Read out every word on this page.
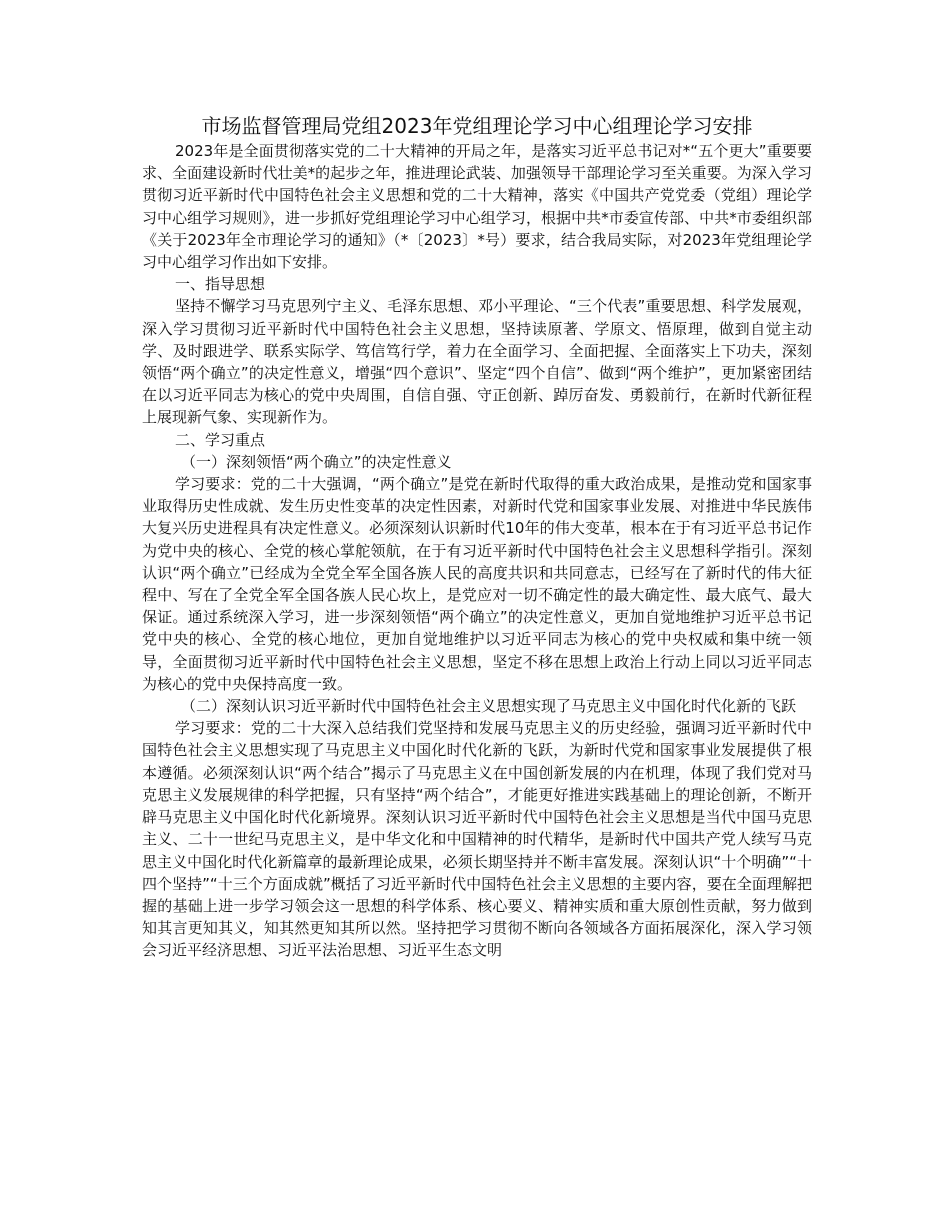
市场监督管理局党组2023年党组理论学习中心组理论学习安排

2023年是全面贯彻落实党的二十大精神的开局之年，是落实习近平总书记对*“五个更大”重要要求、全面建设新时代壮美*的起步之年，推进理论武装、加强领导干部理论学习至关重要。为深入学习贯彻习近平新时代中国特色社会主义思想和党的二十大精神，落实《中国共产党党委（党组）理论学习中心组学习规则》，进一步抓好党组理论学习中心组学习，根据中共*市委宣传部、中共*市委组织部《关于2023年全市理论学习的通知》（*〔2023〕*号）要求，结合我局实际，对2023年党组理论学习中心组学习作出如下安排。

一、指导思想

坚持不懈学习马克思列宁主义、毛泽东思想、邓小平理论、“三个代表”重要思想、科学发展观，深入学习贯彻习近平新时代中国特色社会主义思想，坚持读原著、学原文、悟原理，做到自觉主动学、及时跟进学、联系实际学、笃信笃行学，着力在全面学习、全面把握、全面落实上下功夫，深刻领悟“两个确立”的决定性意义，增强“四个意识”、坚定“四个自信”、做到“两个维护”，更加紧密团结在以习近平同志为核心的党中央周围，自信自强、守正创新、踔厉奋发、勇毅前行，在新时代新征程上展现新气象、实现新作为。

二、学习重点

（一）深刻领悟“两个确立”的决定性意义

学习要求：党的二十大强调，“两个确立”是党在新时代取得的重大政治成果，是推动党和国家事业取得历史性成就、发生历史性变革的决定性因素，对新时代党和国家事业发展、对推进中华民族伟大复兴历史进程具有决定性意义。必须深刻认识新时代10年的伟大变革，根本在于有习近平总书记作为党中央的核心、全党的核心掌舵领航，在于有习近平新时代中国特色社会主义思想科学指引。深刻认识“两个确立”已经成为全党全军全国各族人民的高度共识和共同意志，已经写在了新时代的伟大征程中、写在了全党全军全国各族人民心坎上，是党应对一切不确定性的最大确定性、最大底气、最大保证。通过系统深入学习，进一步深刻领悟“两个确立”的决定性意义，更加自觉地维护习近平总书记党中央的核心、全党的核心地位，更加自觉地维护以习近平同志为核心的党中央权威和集中统一领导，全面贯彻习近平新时代中国特色社会主义思想，坚定不移在思想上政治上行动上同以习近平同志为核心的党中央保持高度一致。

（二）深刻认识习近平新时代中国特色社会主义思想实现了马克思主义中国化时代化新的飞跃

学习要求：党的二十大深入总结我们党坚持和发展马克思主义的历史经验，强调习近平新时代中国特色社会主义思想实现了马克思主义中国化时代化新的飞跃，为新时代党和国家事业发展提供了根本遵循。必须深刻认识“两个结合”揭示了马克思主义在中国创新发展的内在机理，体现了我们党对马克思主义发展规律的科学把握，只有坚持“两个结合”，才能更好推进实践基础上的理论创新，不断开辟马克思主义中国化时代化新境界。深刻认识习近平新时代中国特色社会主义思想是当代中国马克思主义、二十一世纪马克思主义，是中华文化和中国精神的时代精华，是新时代中国共产党人续写马克思主义中国化时代化新篇章的最新理论成果，必须长期坚持并不断丰富发展。深刻认识“十个明确”“十四个坚持”“十三个方面成就”概括了习近平新时代中国特色社会主义思想的主要内容，要在全面理解把握的基础上进一步学习领会这一思想的科学体系、核心要义、精神实质和重大原创性贡献，努力做到知其言更知其义，知其然更知其所以然。坚持把学习贯彻不断向各领域各方面拓展深化，深入学习领会习近平经济思想、习近平法治思想、习近平生态文明
